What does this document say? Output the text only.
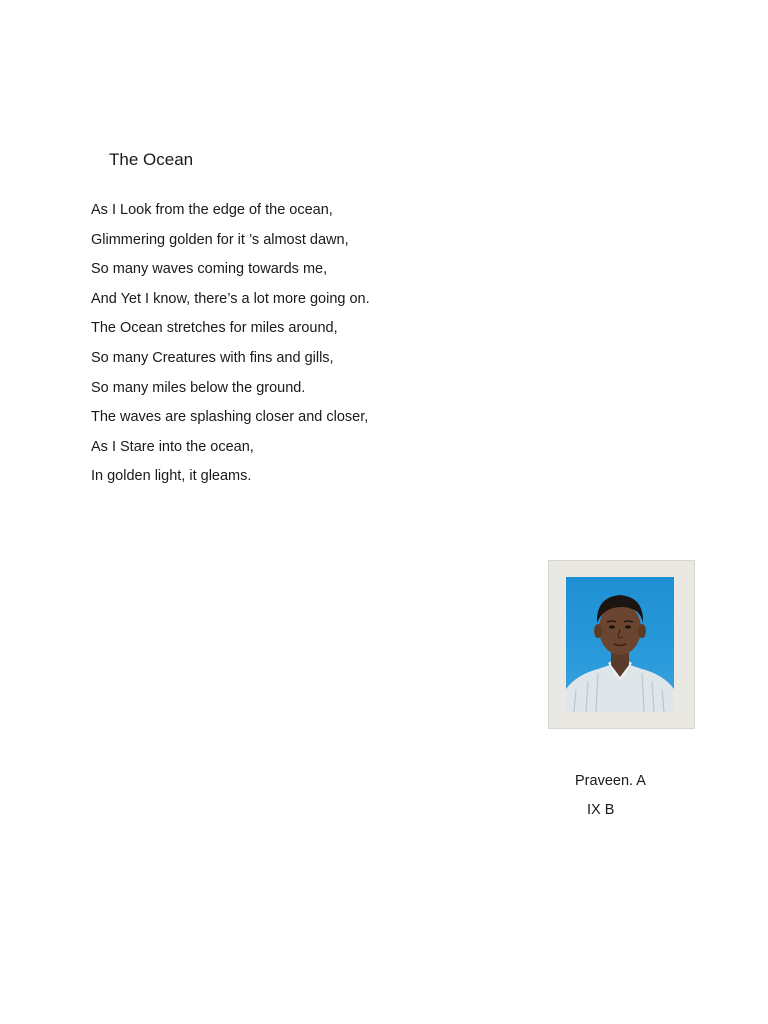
The Ocean
As I Look from the edge of the ocean,
Glimmering golden for it ’s almost dawn,
So many waves coming towards me,
And Yet I know, there’s a lot more going on.
The Ocean stretches for miles around,
So many Creatures with fins and gills,
So many miles below the ground.
The waves are splashing closer and closer,
As I Stare into the ocean,
In golden light, it gleams.
Praveen. A
IX B
